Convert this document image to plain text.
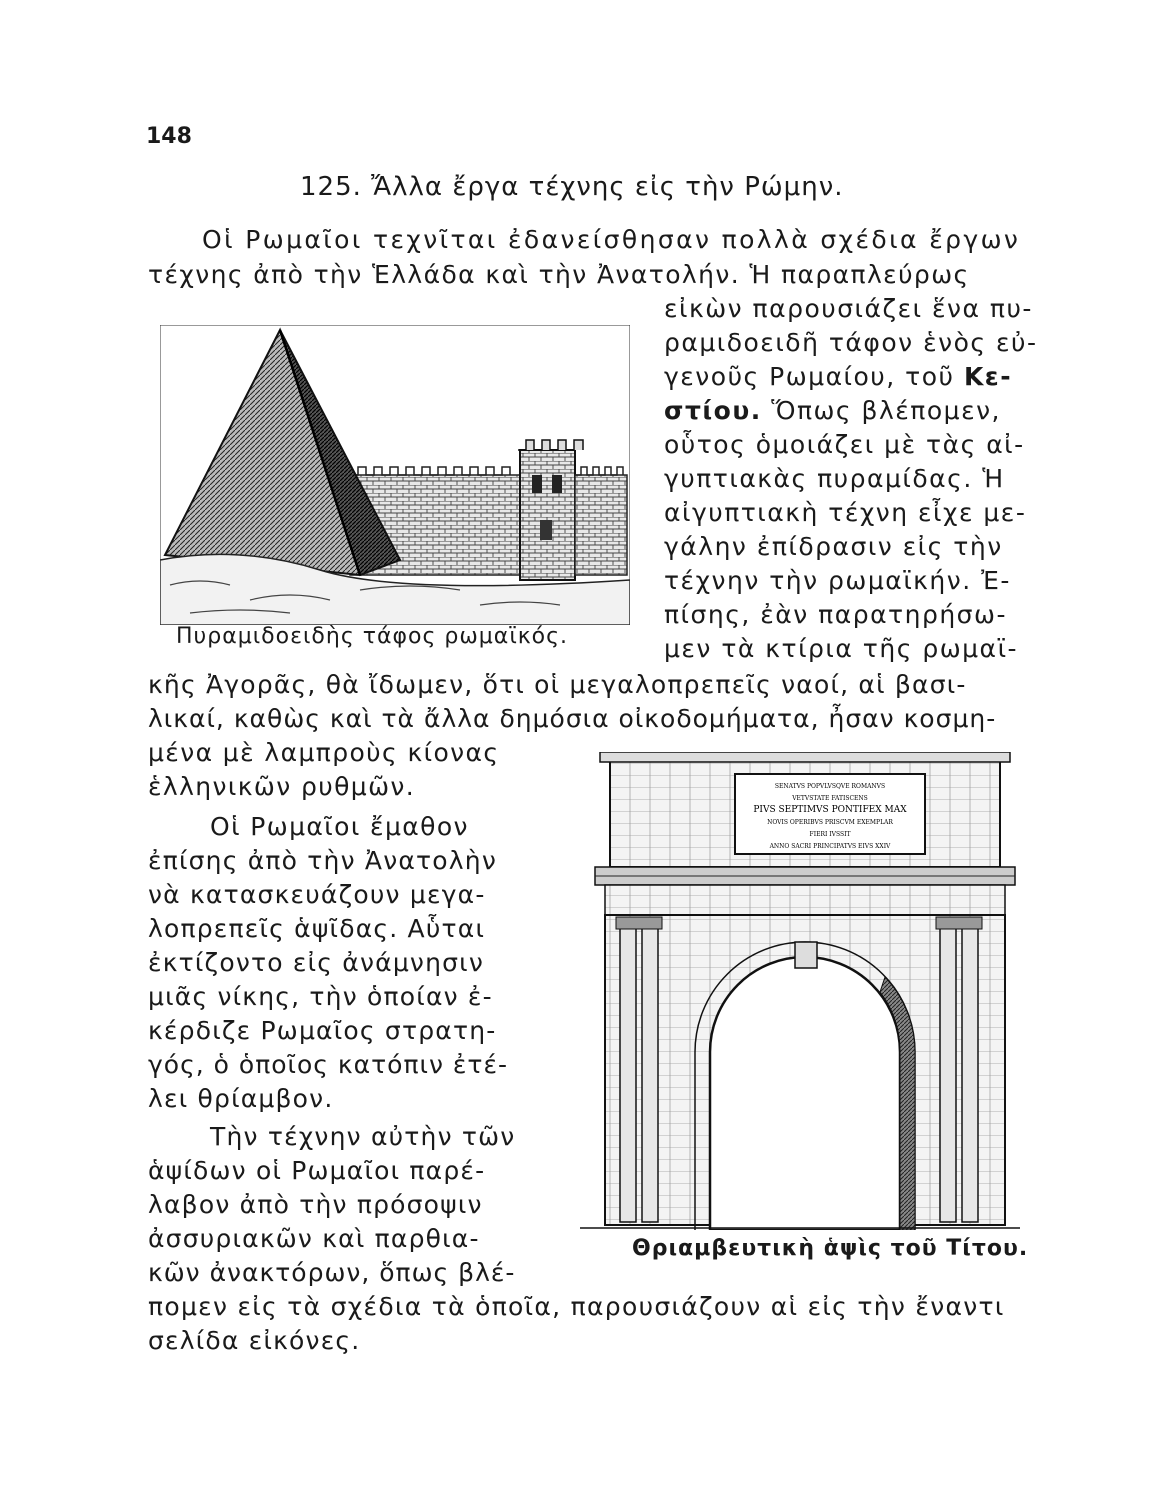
148
125. Ἄλλα ἔργα τέχνης εἰς τὴν Ρώμην.
Οἱ Ρωμαῖοι τεχνῖται ἐδανείσθησαν πολλὰ σχέδια ἔργων
τέχνης ἀπὸ τὴν Ἑλλάδα καὶ τὴν Ἀνατολήν. Ἡ παραπλεύρως
εἰκὼν παρουσιάζει ἕνα πυ-
ραμιδοειδῆ τάφον ἑνὸς εὐ-
γενοῦς Ρωμαίου, τοῦ Κε-
στίου. Ὅπως βλέπομεν,
οὗτος ὁμοιάζει μὲ τὰς αἰ-
γυπτιακὰς πυραμίδας. Ἡ
αἰγυπτιακὴ τέχνη εἶχε με-
γάλην ἐπίδρασιν εἰς τὴν
τέχνην τὴν ρωμαϊκήν. Ἐ-
πίσης, ἐὰν παρατηρήσω-
μεν τὰ κτίρια τῆς ρωμαϊ-
κῆς Ἀγορᾶς, θὰ ἴδωμεν, ὅτι οἱ μεγαλοπρεπεῖς ναοί, αἱ βασι-
λικαί, καθὼς καὶ τὰ ἄλλα δημόσια οἰκοδομήματα, ἦσαν κοσμη-
μένα μὲ λαμπροὺς κίονας
ἑλληνικῶν ρυθμῶν.
Οἱ Ρωμαῖοι ἔμαθον
ἐπίσης ἀπὸ τὴν Ἀνατολὴν
νὰ κατασκευάζουν μεγα-
λοπρεπεῖς ἁψῖδας. Αὗται
ἐκτίζοντο εἰς ἀνάμνησιν
μιᾶς νίκης, τὴν ὁποίαν ἐ-
κέρδιζε Ρωμαῖος στρατη-
γός, ὁ ὁποῖος κατόπιν ἐτέ-
λει θρίαμβον.
Τὴν τέχνην αὐτὴν τῶν
ἁψίδων οἱ Ρωμαῖοι παρέ-
λαβον ἀπὸ τὴν πρόσοψιν
ἀσσυριακῶν καὶ παρθια-
κῶν ἀνακτόρων, ὅπως βλέ-
πομεν εἰς τὰ σχέδια τὰ ὁποῖα, παρουσιάζουν αἱ εἰς τὴν ἔναντι
σελίδα εἰκόνες.
Πυραμιδοειδὴς τάφος ρωμαϊκός.
SENATVS POPVLVSQVE ROMANVS
VETVSTATE FATISCENS
PIVS SEPTIMVS PONTIFEX MAX
NOVIS OPERIBVS PRISCVM EXEMPLAR
FIERI IVSSIT
ANNO SACRI PRINCIPATVS EIVS XXIV
Θριαμβευτικὴ ἁψὶς τοῦ Τίτου.
